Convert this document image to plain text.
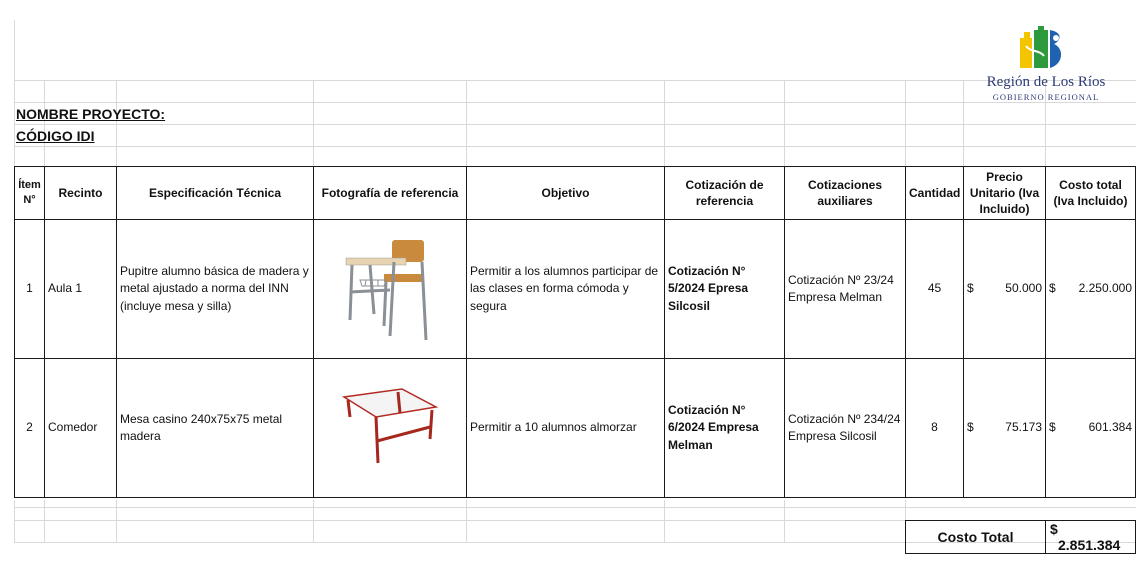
Región de Los Ríos
GOBIERNO REGIONAL
NOMBRE PROYECTO:
CÓDIGO IDI
Ítem N°	Recinto	Especificación Técnica	Fotografía de referencia	Objetivo	Cotización de referencia	Cotizaciones auxiliares	Cantidad	Precio Unitario (Iva Incluido)	Costo total (Iva Incluido)
1	Aula 1	Pupitre alumno básica de madera y metal ajustado a norma del INN (incluye mesa y silla)		Permitir a los alumnos participar de las clases en forma cómoda y segura	Cotización N° 5/2024 Epresa Silcosil	Cotización Nº 23/24 Empresa Melman	45	$ 50.000	$ 2.250.000

2	Comedor	Mesa casino 240x75x75 metal madera		Permitir a 10 alumnos almorzar	Cotización N° 6/2024 Empresa Melman	Cotización Nº 234/24 Empresa Silcosil	8	$ 75.173	$ 601.384
Costo Total	$ 2.851.384
